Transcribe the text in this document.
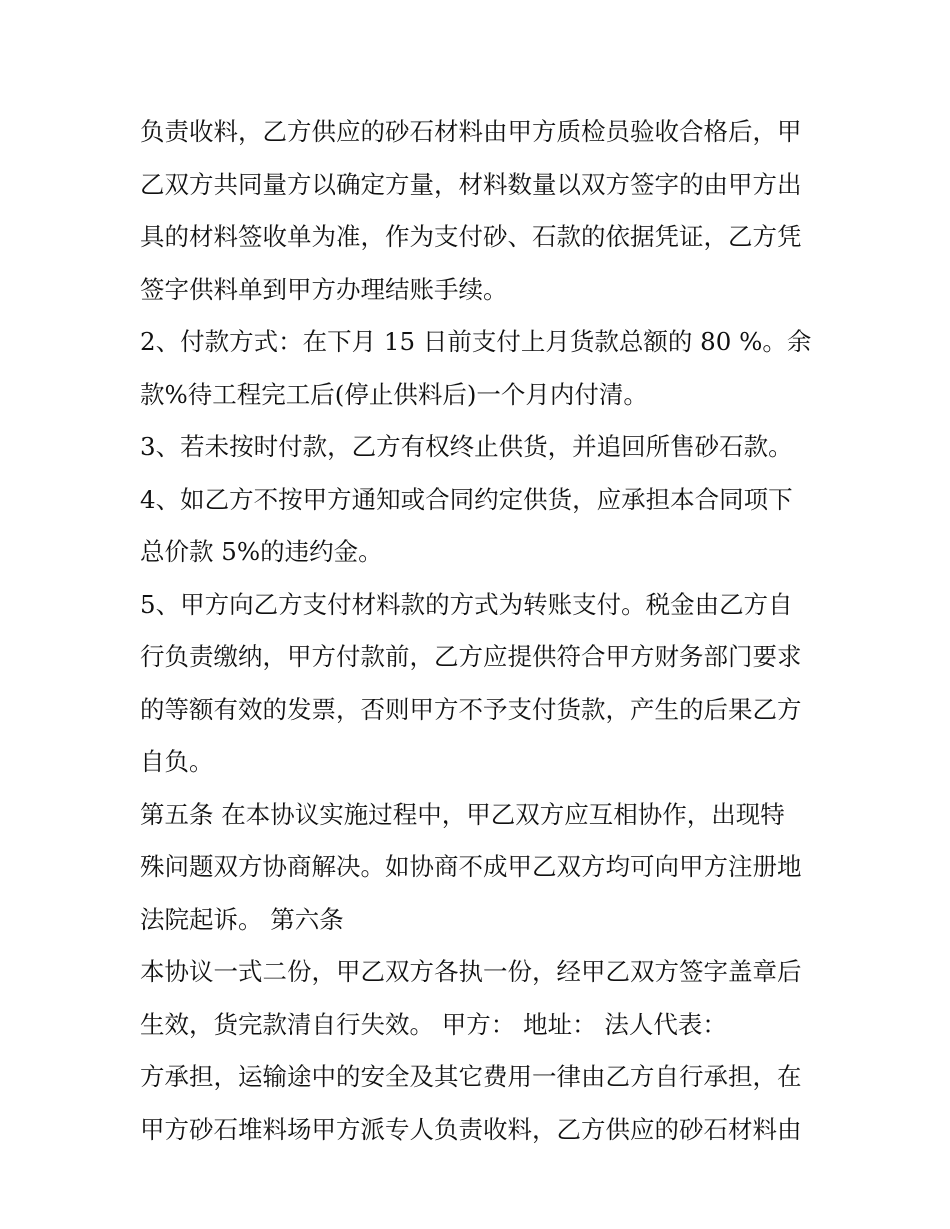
负责收料，乙方供应的砂石材料由甲方质检员验收合格后，甲
乙双方共同量方以确定方量，材料数量以双方签字的由甲方出
具的材料签收单为准，作为支付砂、石款的依据凭证，乙方凭
签字供料单到甲方办理结账手续。
2、付款方式：在下月 15 日前支付上月货款总额的 80 %。余
款%待工程完工后(停止供料后)一个月内付清。
3、若未按时付款，乙方有权终止供货，并追回所售砂石款。
4、如乙方不按甲方通知或合同约定供货，应承担本合同项下
总价款 5%的违约金。
5、甲方向乙方支付材料款的方式为转账支付。税金由乙方自
行负责缴纳，甲方付款前，乙方应提供符合甲方财务部门要求
的等额有效的发票，否则甲方不予支付货款，产生的后果乙方
自负。
第五条 在本协议实施过程中，甲乙双方应互相协作，出现特
殊问题双方协商解决。如协商不成甲乙双方均可向甲方注册地
法院起诉。 第六条
本协议一式二份，甲乙双方各执一份，经甲乙双方签字盖章后
生效，货完款清自行失效。 甲方： 地址： 法人代表：
方承担，运输途中的安全及其它费用一律由乙方自行承担，在
甲方砂石堆料场甲方派专人负责收料，乙方供应的砂石材料由
